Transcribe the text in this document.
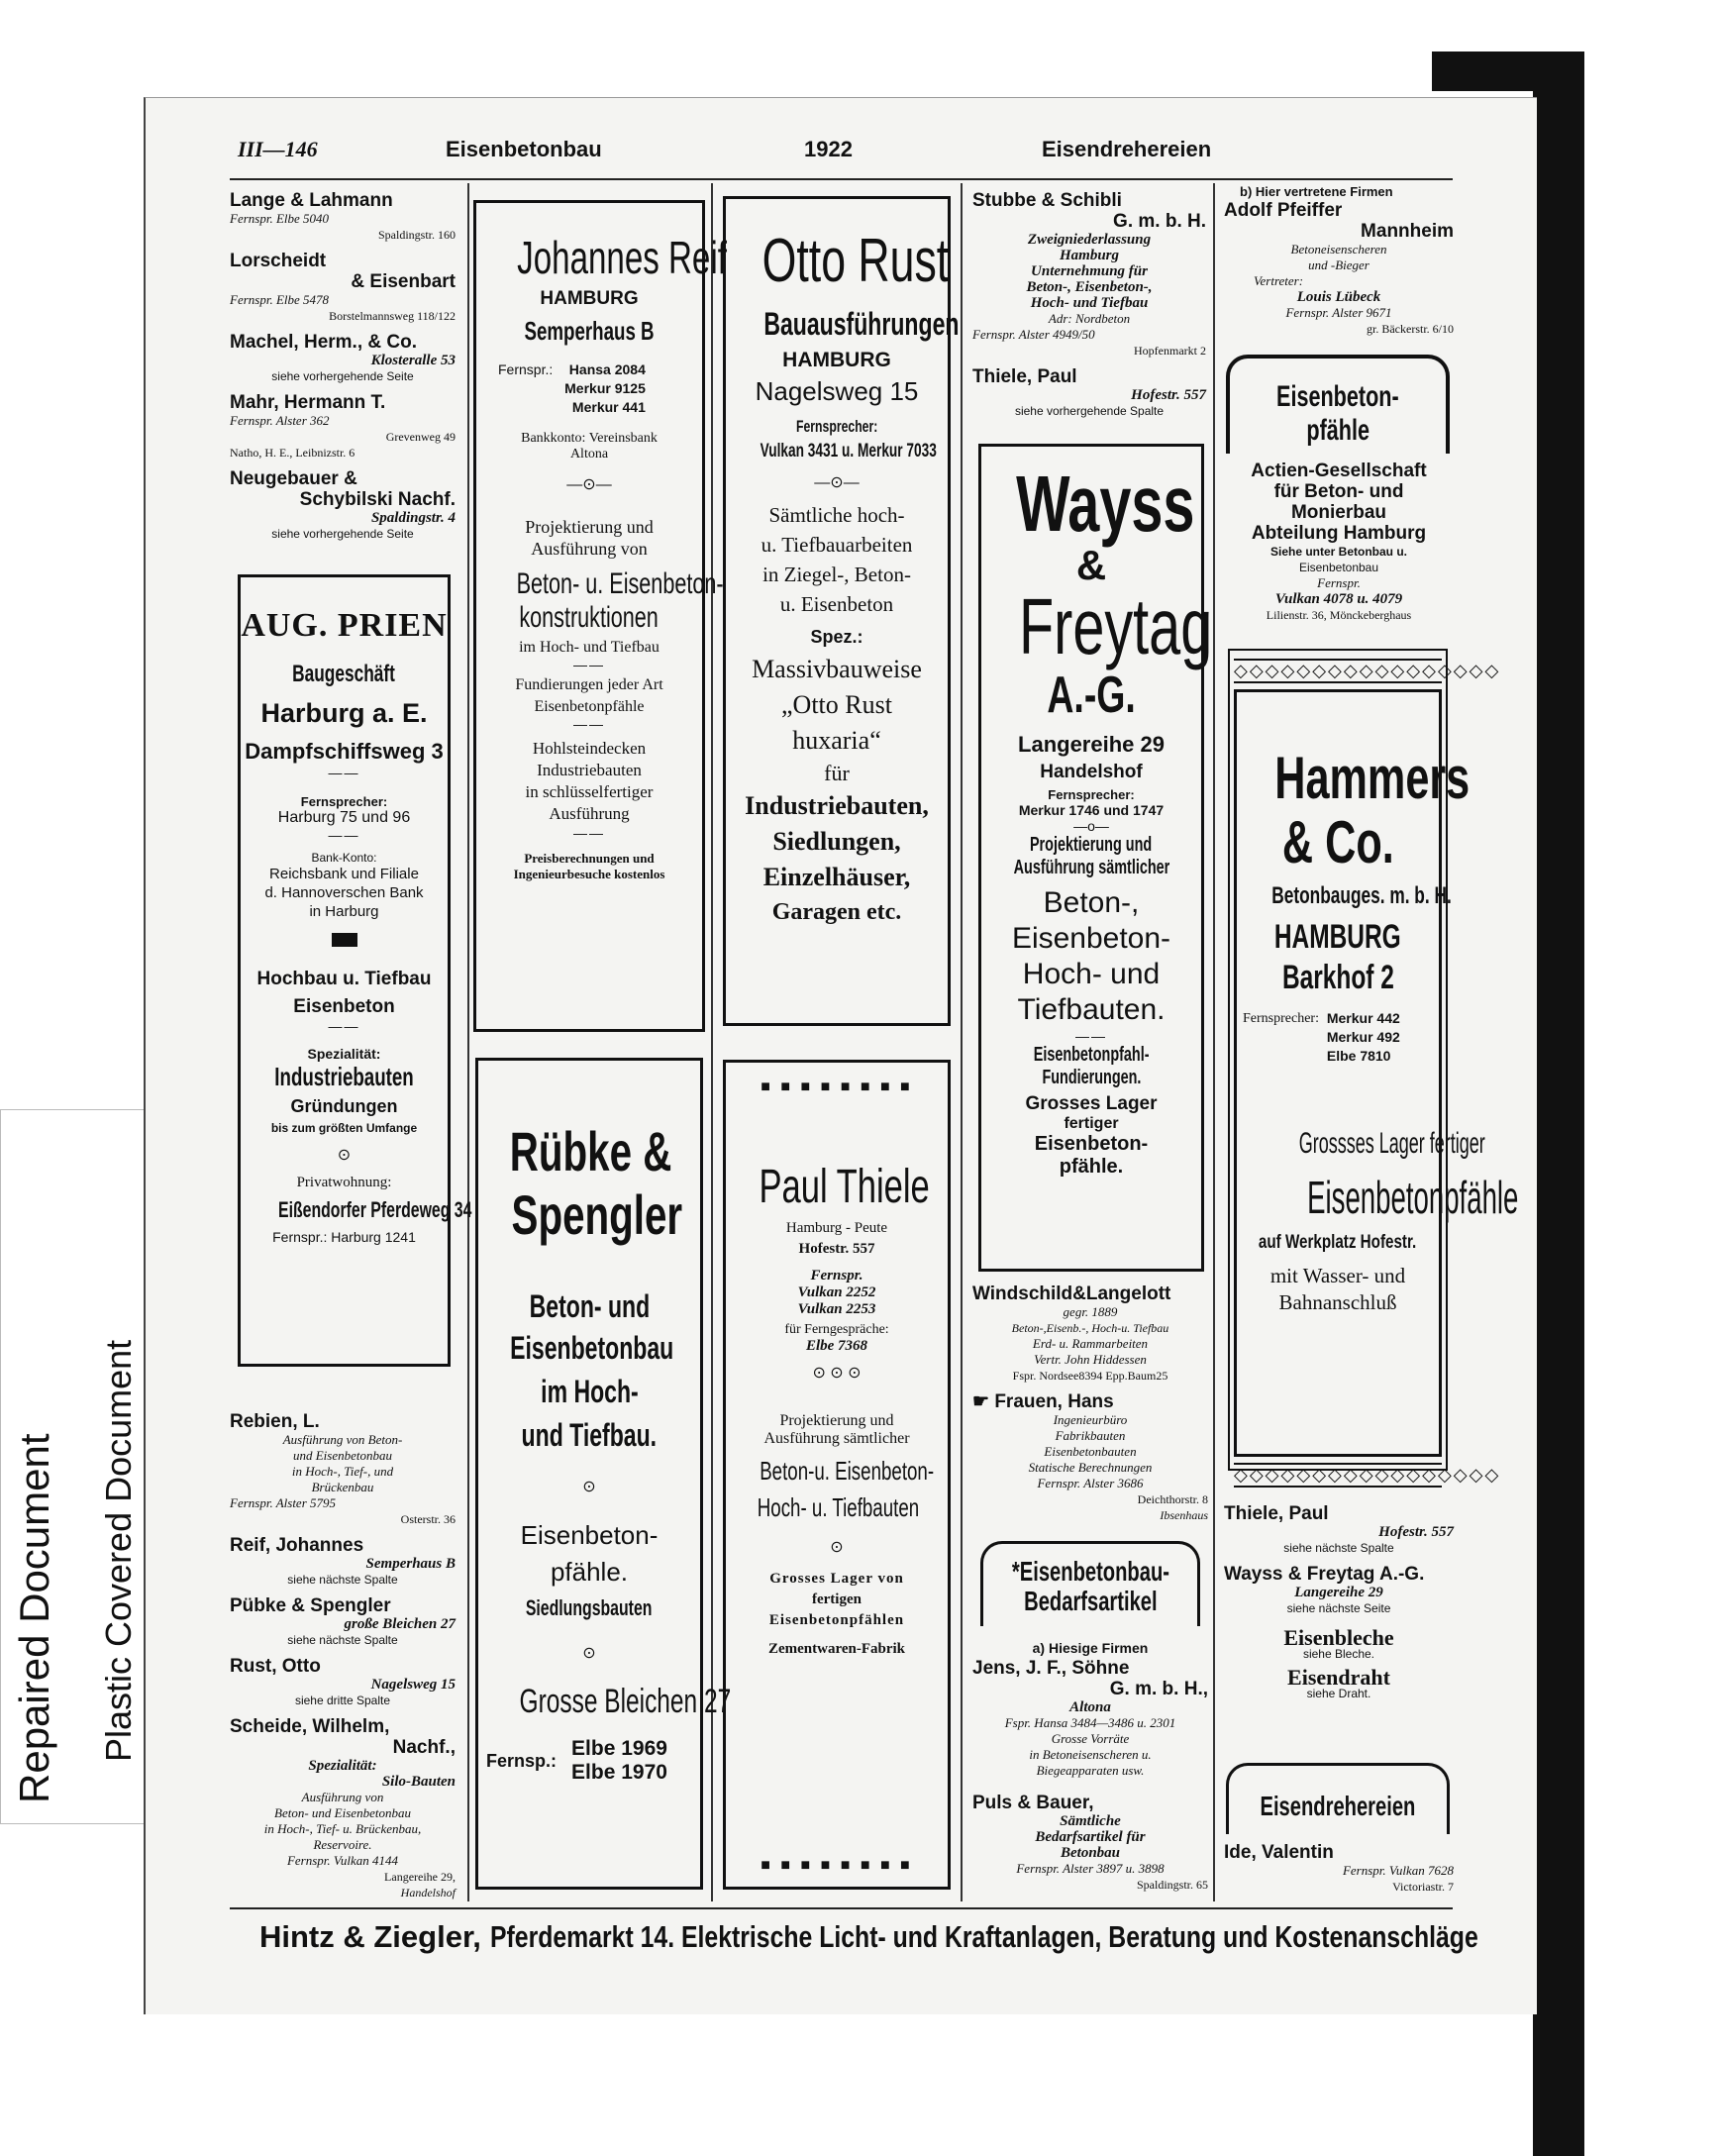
Repaired Document Plastic Covered Document
III—146	Eisenbetonbau	1922	Eisendrehereien
Lange & Lahmann
Fernspr. Elbe 5040
Spaldingstr. 160
Lorscheidt
& Eisenbart
Fernspr. Elbe 5478
Borstelmannsweg 118/122
Machel, Herm., & Co.
Klosteralle 53
siehe vorhergehende Seite
Mahr, Hermann T.
Fernspr. Alster 362
Grevenweg 49
Natho, H. E., Leibnizstr. 6
Neugebauer &
Schybilski Nachf.
Spaldingstr. 4
siehe vorhergehende Seite
AUG. PRIEN
Baugeschäft
Harburg a. E.
Dampfschiffsweg 3
——
Fernsprecher:
Harburg 75 und 96
——
Bank-Konto:
Reichsbank und Filiale
d. Hannoverschen Bank
in Harburg
Hochbau u. Tiefbau
Eisenbeton
——
Spezialität:
Industriebauten
Gründungen
bis zum größten Umfange
⊙
Privatwohnung:
Eißendorfer Pferdeweg 34
Fernspr.: Harburg 1241
Rebien, L.
Ausführung von Beton-
und Eisenbetonbau
in Hoch-, Tief-, und
Brückenbau
Fernspr. Alster 5795
Osterstr. 36
Reif, Johannes
Semperhaus B
siehe nächste Spalte
Pübke & Spengler
große Bleichen 27
siehe nächste Spalte
Rust, Otto
Nagelsweg 15
siehe dritte Spalte
Scheide, Wilhelm,
Nachf.,
Spezialität:
Silo-Bauten
Ausführung von
Beton- und Eisenbetonbau
in Hoch-, Tief- u. Brückenbau,
Reservoire.
Fernspr. Vulkan 4144
Langereihe 29,
Handelshof
Johannes Reif
HAMBURG
Semperhaus B
Fernspr.:	Hansa 2084
Merkur 9125
Merkur 441
Bankkonto: Vereinsbank
Altona
—⊙—
Projektierung und
Ausführung von
Beton- u. Eisenbeton-
konstruktionen
im Hoch- und Tiefbau
——
Fundierungen jeder Art
Eisenbetonpfähle
——
Hohlsteindecken
Industriebauten
in schlüsselfertiger
Ausführung
——
Preisberechnungen und
Ingenieurbesuche kostenlos
Rübke &
Spengler
Beton- und
Eisenbetonbau
im Hoch-
und Tiefbau.
⊙
Eisenbeton-
pfähle.
Siedlungsbauten
⊙
Grosse Bleichen 27
Fernsp.:
Elbe 1969
Elbe 1970
Otto Rust
Bauausführungen
HAMBURG
Nagelsweg 15
Fernsprecher:
Vulkan 3431 u. Merkur 7033
—⊙—
Sämtliche hoch-
u. Tiefbauarbeiten
in Ziegel-, Beton-
u. Eisenbeton
Spez.:
Massivbauweise
„Otto Rust
huxaria“
für
Industriebauten,
Siedlungen,
Einzelhäuser,
Garagen etc.
■ ■ ■ ■ ■ ■ ■ ■
Paul Thiele
Hamburg - Peute
Hofestr. 557
Fernspr.
Vulkan 2252
Vulkan 2253
für Ferngespräche:
Elbe 7368
⊙ ⊙ ⊙
Projektierung und
Ausführung sämtlicher
Beton-u. Eisenbeton-
Hoch- u. Tiefbauten
⊙
Grosses Lager von
fertigen
Eisenbetonpfählen
Zementwaren-Fabrik
■ ■ ■ ■ ■ ■ ■ ■
Stubbe & Schibli
G. m. b. H.
Zweigniederlassung
Hamburg
Unternehmung für
Beton-, Eisenbeton-,
Hoch- und Tiefbau
Adr: Nordbeton
Fernspr. Alster 4949/50
Hopfenmarkt 2
Thiele, Paul
Hofestr. 557
siehe vorhergehende Spalte
Wayss
&
Freytag
A.-G.
Langereihe 29
Handelshof
Fernsprecher:
Merkur 1746 und 1747
—o—
Projektierung und
Ausführung sämtlicher
Beton-,
Eisenbeton-
Hoch- und
Tiefbauten.
——
Eisenbetonpfahl-
Fundierungen.
Grosses Lager
fertiger
Eisenbeton-
pfähle.
Windschild&Langelott
gegr. 1889
Beton-,Eisenb.-, Hoch-u. Tiefbau
Erd- u. Rammarbeiten
Vertr. John Hiddessen
Fspr. Nordsee8394 Epp.Baum25
☛ Frauen, Hans
Ingenieurbüro
Fabrikbauten
Eisenbetonbauten
Statische Berechnungen
Fernspr. Alster 3686
Deichthorstr. 8
Ibsenhaus
*Eisenbetonbau-
Bedarfsartikel
a) Hiesige Firmen
Jens, J. F., Söhne
G. m. b. H.,
Altona
Fspr. Hansa 3484—3486 u. 2301
Grosse Vorräte
in Betoneisenscheren u.
Biegeapparaten usw.
Puls & Bauer,
Sämtliche
Bedarfsartikel für
Betonbau
Fernspr. Alster 3897 u. 3898
Spaldingstr. 65
b) Hier vertretene Firmen
Adolf Pfeiffer
Mannheim
Betoneisenscheren
und -Bieger
Vertreter:
Louis Lübeck
Fernspr. Alster 9671
gr. Bäckerstr. 6/10
Eisenbeton-
pfähle
Actien-Gesellschaft
für Beton- und
Monierbau
Abteilung Hamburg
Siehe unter Betonbau u.
Eisenbetonbau
Fernspr.
Vulkan 4078 u. 4079
Lilienstr. 36, Mönckeberghaus
◇◇◇◇◇◇◇◇◇◇◇◇◇◇◇◇◇
Hammers
& Co.
Betonbauges. m. b. H.
HAMBURG
Barkhof 2
Fernsprecher: Merkur 442
Merkur 492
Elbe 7810
Grossses Lager fertiger
Eisenbetonpfähle
auf Werkplatz Hofestr.
mit Wasser- und
Bahnanschluß
◇◇◇◇◇◇◇◇◇◇◇◇◇◇◇◇◇
Thiele, Paul
Hofestr. 557
siehe nächste Spalte
Wayss & Freytag A.-G.
Langereihe 29
siehe nächste Seite
Eisenbleche
siehe Bleche.
Eisendraht
siehe Draht.
Eisendrehereien
Ide, Valentin
Fernspr. Vulkan 7628
Victoriastr. 7
Hintz & Ziegler, Pferdemarkt 14. Elektrische Licht- und Kraftanlagen, Beratung und Kostenanschläge
